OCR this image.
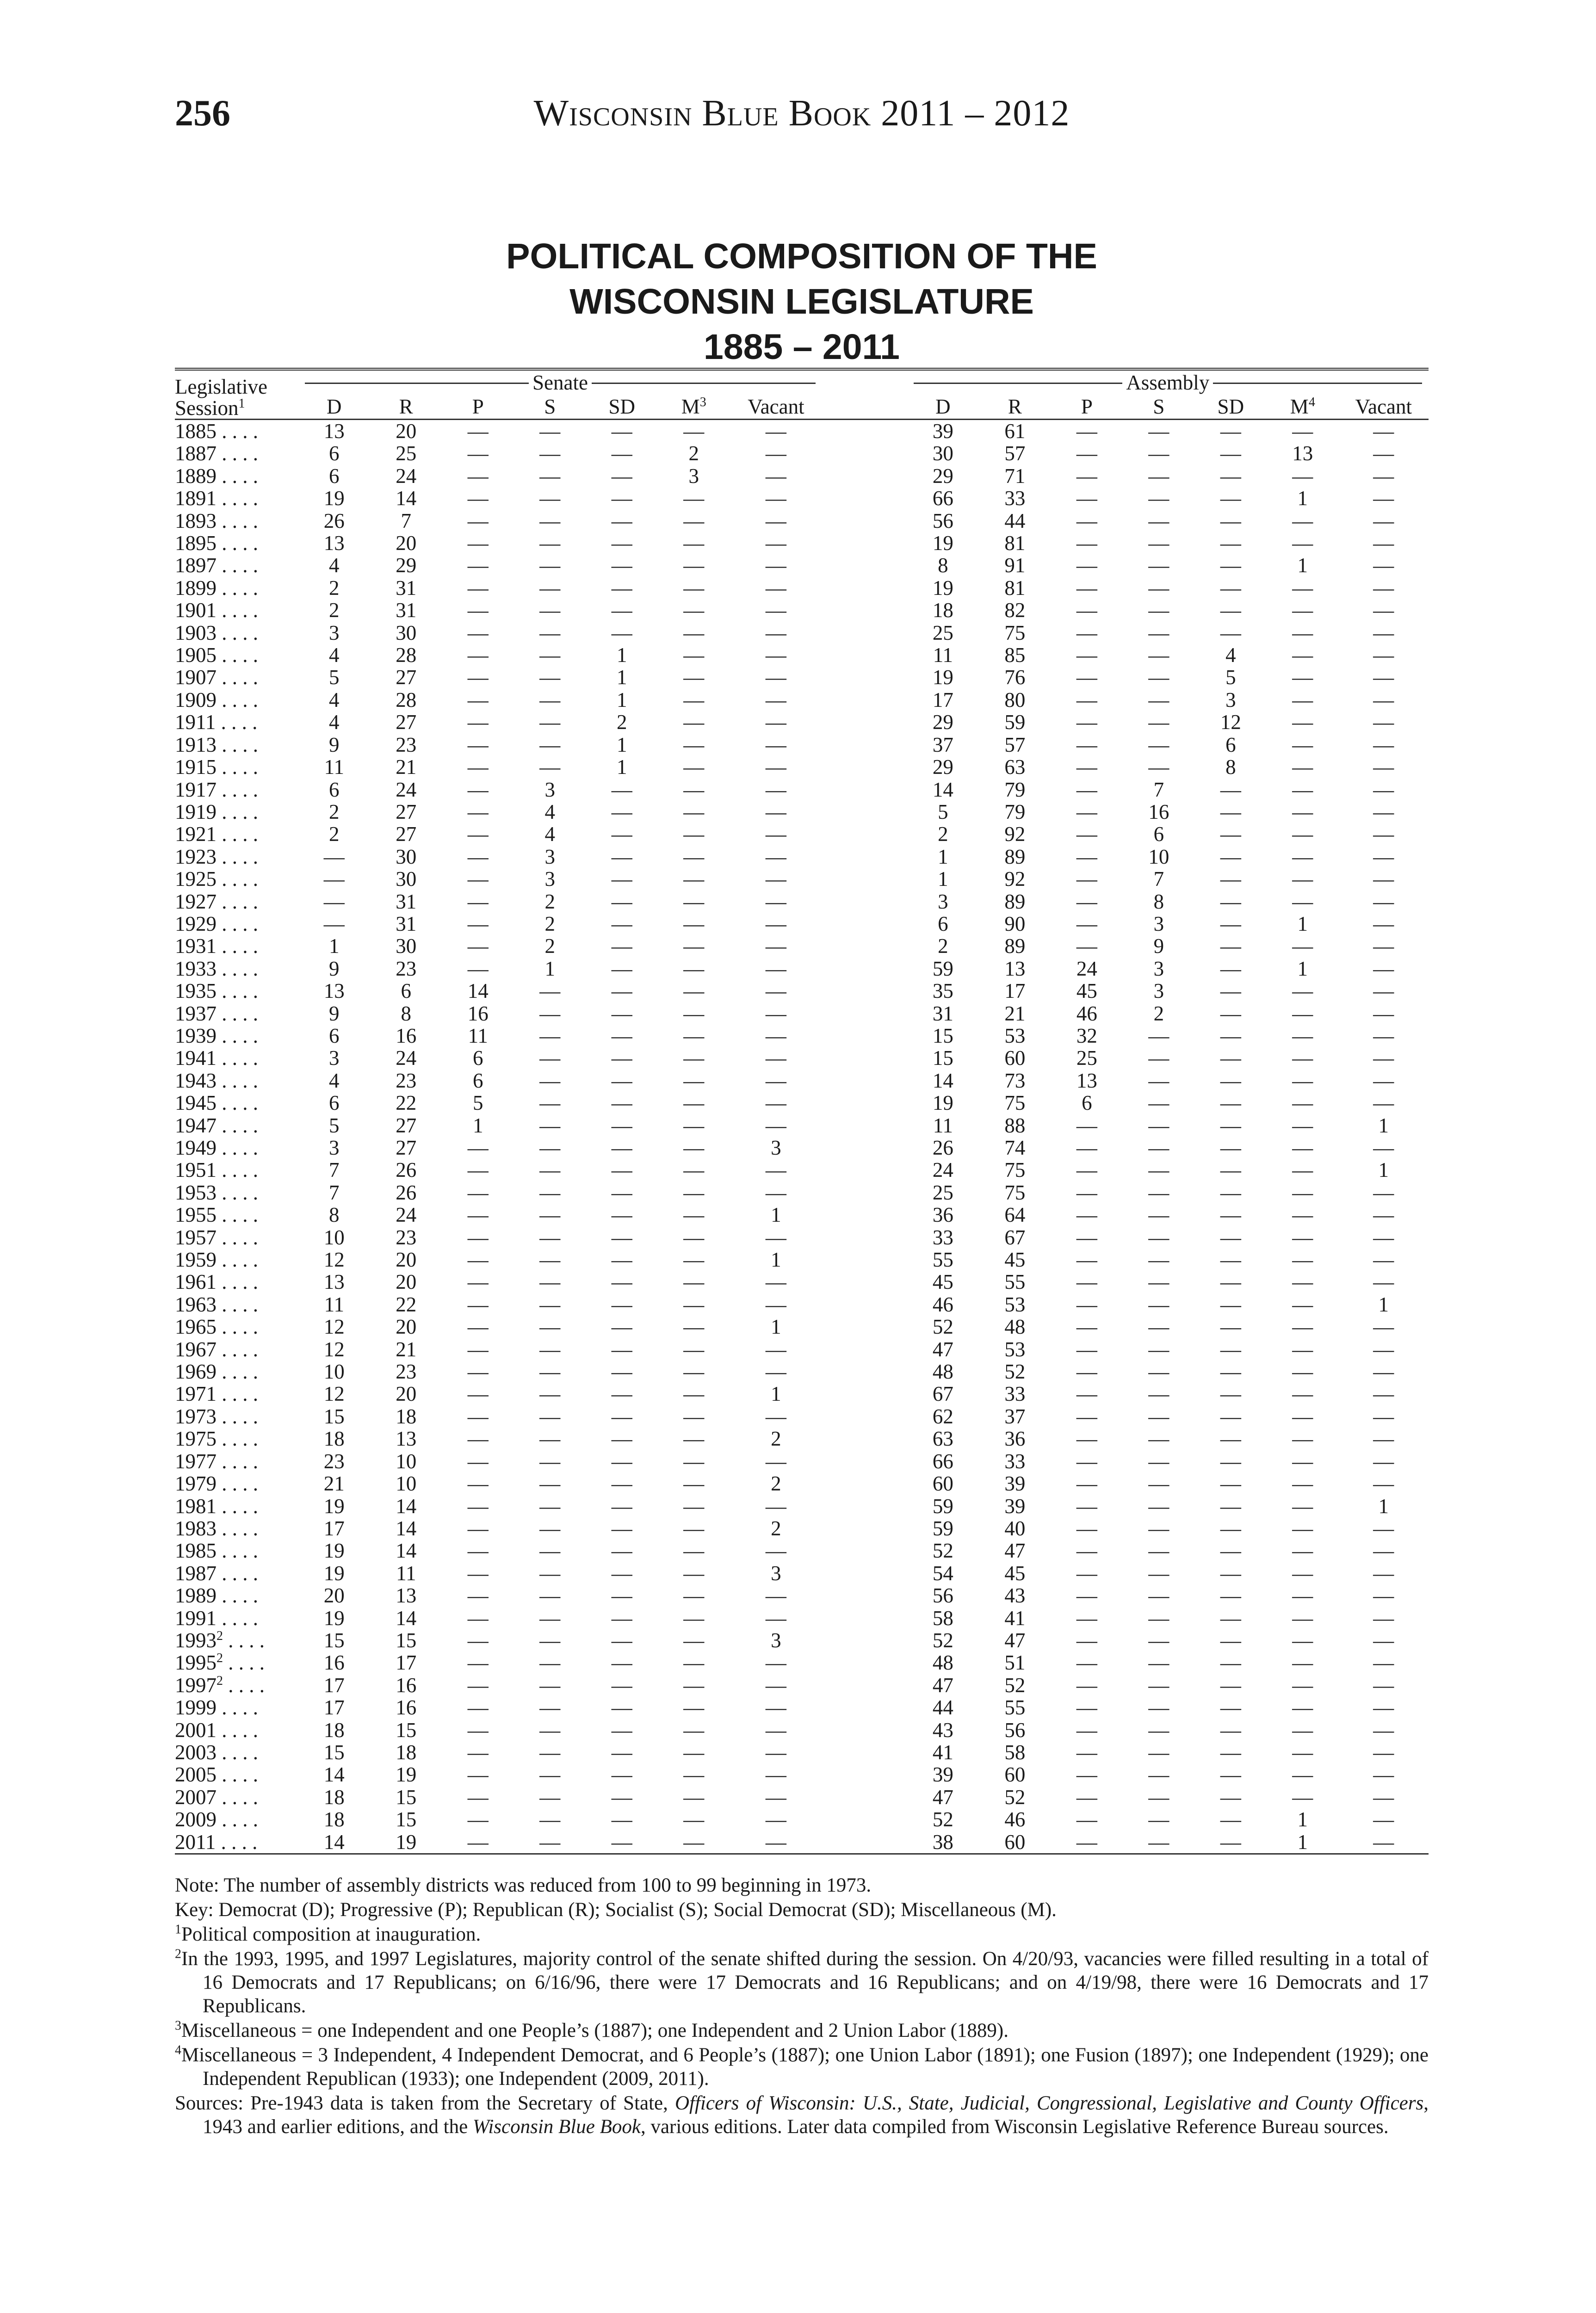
256	Wisconsin Blue Book 2011 – 2012
POLITICAL COMPOSITION OF THE
WISCONSIN LEGISLATURE
1885 – 2011
Legislative
Session$^1$	Senate								Assembly						
	D	R	P	S	SD	$M^3$	Vacant		D	R	P	S	SD	$M^4$	Vacant
1885 . . . .	13	20	—	—	—	—	—		39	61	—	—	—	—	—
1887 . . . .	6	25	—	—	—	2	—		30	57	—	—	—	13	—
1889 . . . .	6	24	—	—	—	3	—		29	71	—	—	—	—	—
1891 . . . .	19	14	—	—	—	—	—		66	33	—	—	—	1	—
1893 . . . .	26	7	—	—	—	—	—		56	44	—	—	—	—	—
1895 . . . .	13	20	—	—	—	—	—		19	81	—	—	—	—	—
1897 . . . .	4	29	—	—	—	—	—		8	91	—	—	—	1	—
1899 . . . .	2	31	—	—	—	—	—		19	81	—	—	—	—	—
1901 . . . .	2	31	—	—	—	—	—		18	82	—	—	—	—	—
1903 . . . .	3	30	—	—	—	—	—		25	75	—	—	—	—	—
1905 . . . .	4	28	—	—	1	—	—		11	85	—	—	4	—	—
1907 . . . .	5	27	—	—	1	—	—		19	76	—	—	5	—	—
1909 . . . .	4	28	—	—	1	—	—		17	80	—	—	3	—	—
1911 . . . .	4	27	—	—	2	—	—		29	59	—	—	12	—	—
1913 . . . .	9	23	—	—	1	—	—		37	57	—	—	6	—	—
1915 . . . .	11	21	—	—	1	—	—		29	63	—	—	8	—	—
1917 . . . .	6	24	—	3	—	—	—		14	79	—	7	—	—	—
1919 . . . .	2	27	—	4	—	—	—		5	79	—	16	—	—	—
1921 . . . .	2	27	—	4	—	—	—		2	92	—	6	—	—	—
1923 . . . .	—	30	—	3	—	—	—		1	89	—	10	—	—	—
1925 . . . .	—	30	—	3	—	—	—		1	92	—	7	—	—	—
1927 . . . .	—	31	—	2	—	—	—		3	89	—	8	—	—	—
1929 . . . .	—	31	—	2	—	—	—		6	90	—	3	—	1	—
1931 . . . .	1	30	—	2	—	—	—		2	89	—	9	—	—	—
1933 . . . .	9	23	—	1	—	—	—		59	13	24	3	—	1	—
1935 . . . .	13	6	14	—	—	—	—		35	17	45	3	—	—	—
1937 . . . .	9	8	16	—	—	—	—		31	21	46	2	—	—	—
1939 . . . .	6	16	11	—	—	—	—		15	53	32	—	—	—	—
1941 . . . .	3	24	6	—	—	—	—		15	60	25	—	—	—	—
1943 . . . .	4	23	6	—	—	—	—		14	73	13	—	—	—	—
1945 . . . .	6	22	5	—	—	—	—		19	75	6	—	—	—	—
1947 . . . .	5	27	1	—	—	—	—		11	88	—	—	—	—	1
1949 . . . .	3	27	—	—	—	—	3		26	74	—	—	—	—	—
1951 . . . .	7	26	—	—	—	—	—		24	75	—	—	—	—	1
1953 . . . .	7	26	—	—	—	—	—		25	75	—	—	—	—	—
1955 . . . .	8	24	—	—	—	—	1		36	64	—	—	—	—	—
1957 . . . .	10	23	—	—	—	—	—		33	67	—	—	—	—	—
1959 . . . .	12	20	—	—	—	—	1		55	45	—	—	—	—	—
1961 . . . .	13	20	—	—	—	—	—		45	55	—	—	—	—	—
1963 . . . .	11	22	—	—	—	—	—		46	53	—	—	—	—	1
1965 . . . .	12	20	—	—	—	—	1		52	48	—	—	—	—	—
1967 . . . .	12	21	—	—	—	—	—		47	53	—	—	—	—	—
1969 . . . .	10	23	—	—	—	—	—		48	52	—	—	—	—	—
1971 . . . .	12	20	—	—	—	—	1		67	33	—	—	—	—	—
1973 . . . .	15	18	—	—	—	—	—		62	37	—	—	—	—	—
1975 . . . .	18	13	—	—	—	—	2		63	36	—	—	—	—	—
1977 . . . .	23	10	—	—	—	—	—		66	33	—	—	—	—	—
1979 . . . .	21	10	—	—	—	—	2		60	39	—	—	—	—	—
1981 . . . .	19	14	—	—	—	—	—		59	39	—	—	—	—	1
1983 . . . .	17	14	—	—	—	—	2		59	40	—	—	—	—	—
1985 . . . .	19	14	—	—	—	—	—		52	47	—	—	—	—	—
1987 . . . .	19	11	—	—	—	—	3		54	45	—	—	—	—	—
1989 . . . .	20	13	—	—	—	—	—		56	43	—	—	—	—	—
1991 . . . .	19	14	—	—	—	—	—		58	41	—	—	—	—	—
1993$^2$ . . . .	15	15	—	—	—	—	3		52	47	—	—	—	—	—
1995$^2$ . . . .	16	17	—	—	—	—	—		48	51	—	—	—	—	—
1997$^2$ . . . .	17	16	—	—	—	—	—		47	52	—	—	—	—	—
1999 . . . .	17	16	—	—	—	—	—		44	55	—	—	—	—	—
2001 . . . .	18	15	—	—	—	—	—		43	56	—	—	—	—	—
2003 . . . .	15	18	—	—	—	—	—		41	58	—	—	—	—	—
2005 . . . .	14	19	—	—	—	—	—		39	60	—	—	—	—	—
2007 . . . .	18	15	—	—	—	—	—		47	52	—	—	—	—	—
2009 . . . .	18	15	—	—	—	—	—		52	46	—	—	—	1	—
2011 . . . .	14	19	—	—	—	—	—		38	60	—	—	—	1	—

Note: The number of assembly districts was reduced from 100 to 99 beginning in 1973.

Key: Democrat (D); Progressive (P); Republican (R); Socialist (S); Social Democrat (SD); Miscellaneous (M).

$^1$Political composition at inauguration.

$^2$In the 1993, 1995, and 1997 Legislatures, majority control of the senate shifted during the session. On 4/20/93, vacancies were filled resulting in a total of 16 Democrats and 17 Republicans; on 6/16/96, there were 17 Democrats and 16 Republicans; and on 4/19/98, there were 16 Democrats and 17 Republicans.

$^3$Miscellaneous = one Independent and one People’s (1887); one Independent and 2 Union Labor (1889).

$^4$Miscellaneous = 3 Independent, 4 Independent Democrat, and 6 People’s (1887); one Union Labor (1891); one Fusion (1897); one Independent (1929); one Independent Republican (1933); one Independent (2009, 2011).

Sources: Pre-1943 data is taken from the Secretary of State, Officers of Wisconsin: U.S., State, Judicial, Congressional, Legislative and County Officers, 1943 and earlier editions, and the Wisconsin Blue Book, various editions. Later data compiled from Wisconsin Legislative Reference Bureau sources.
